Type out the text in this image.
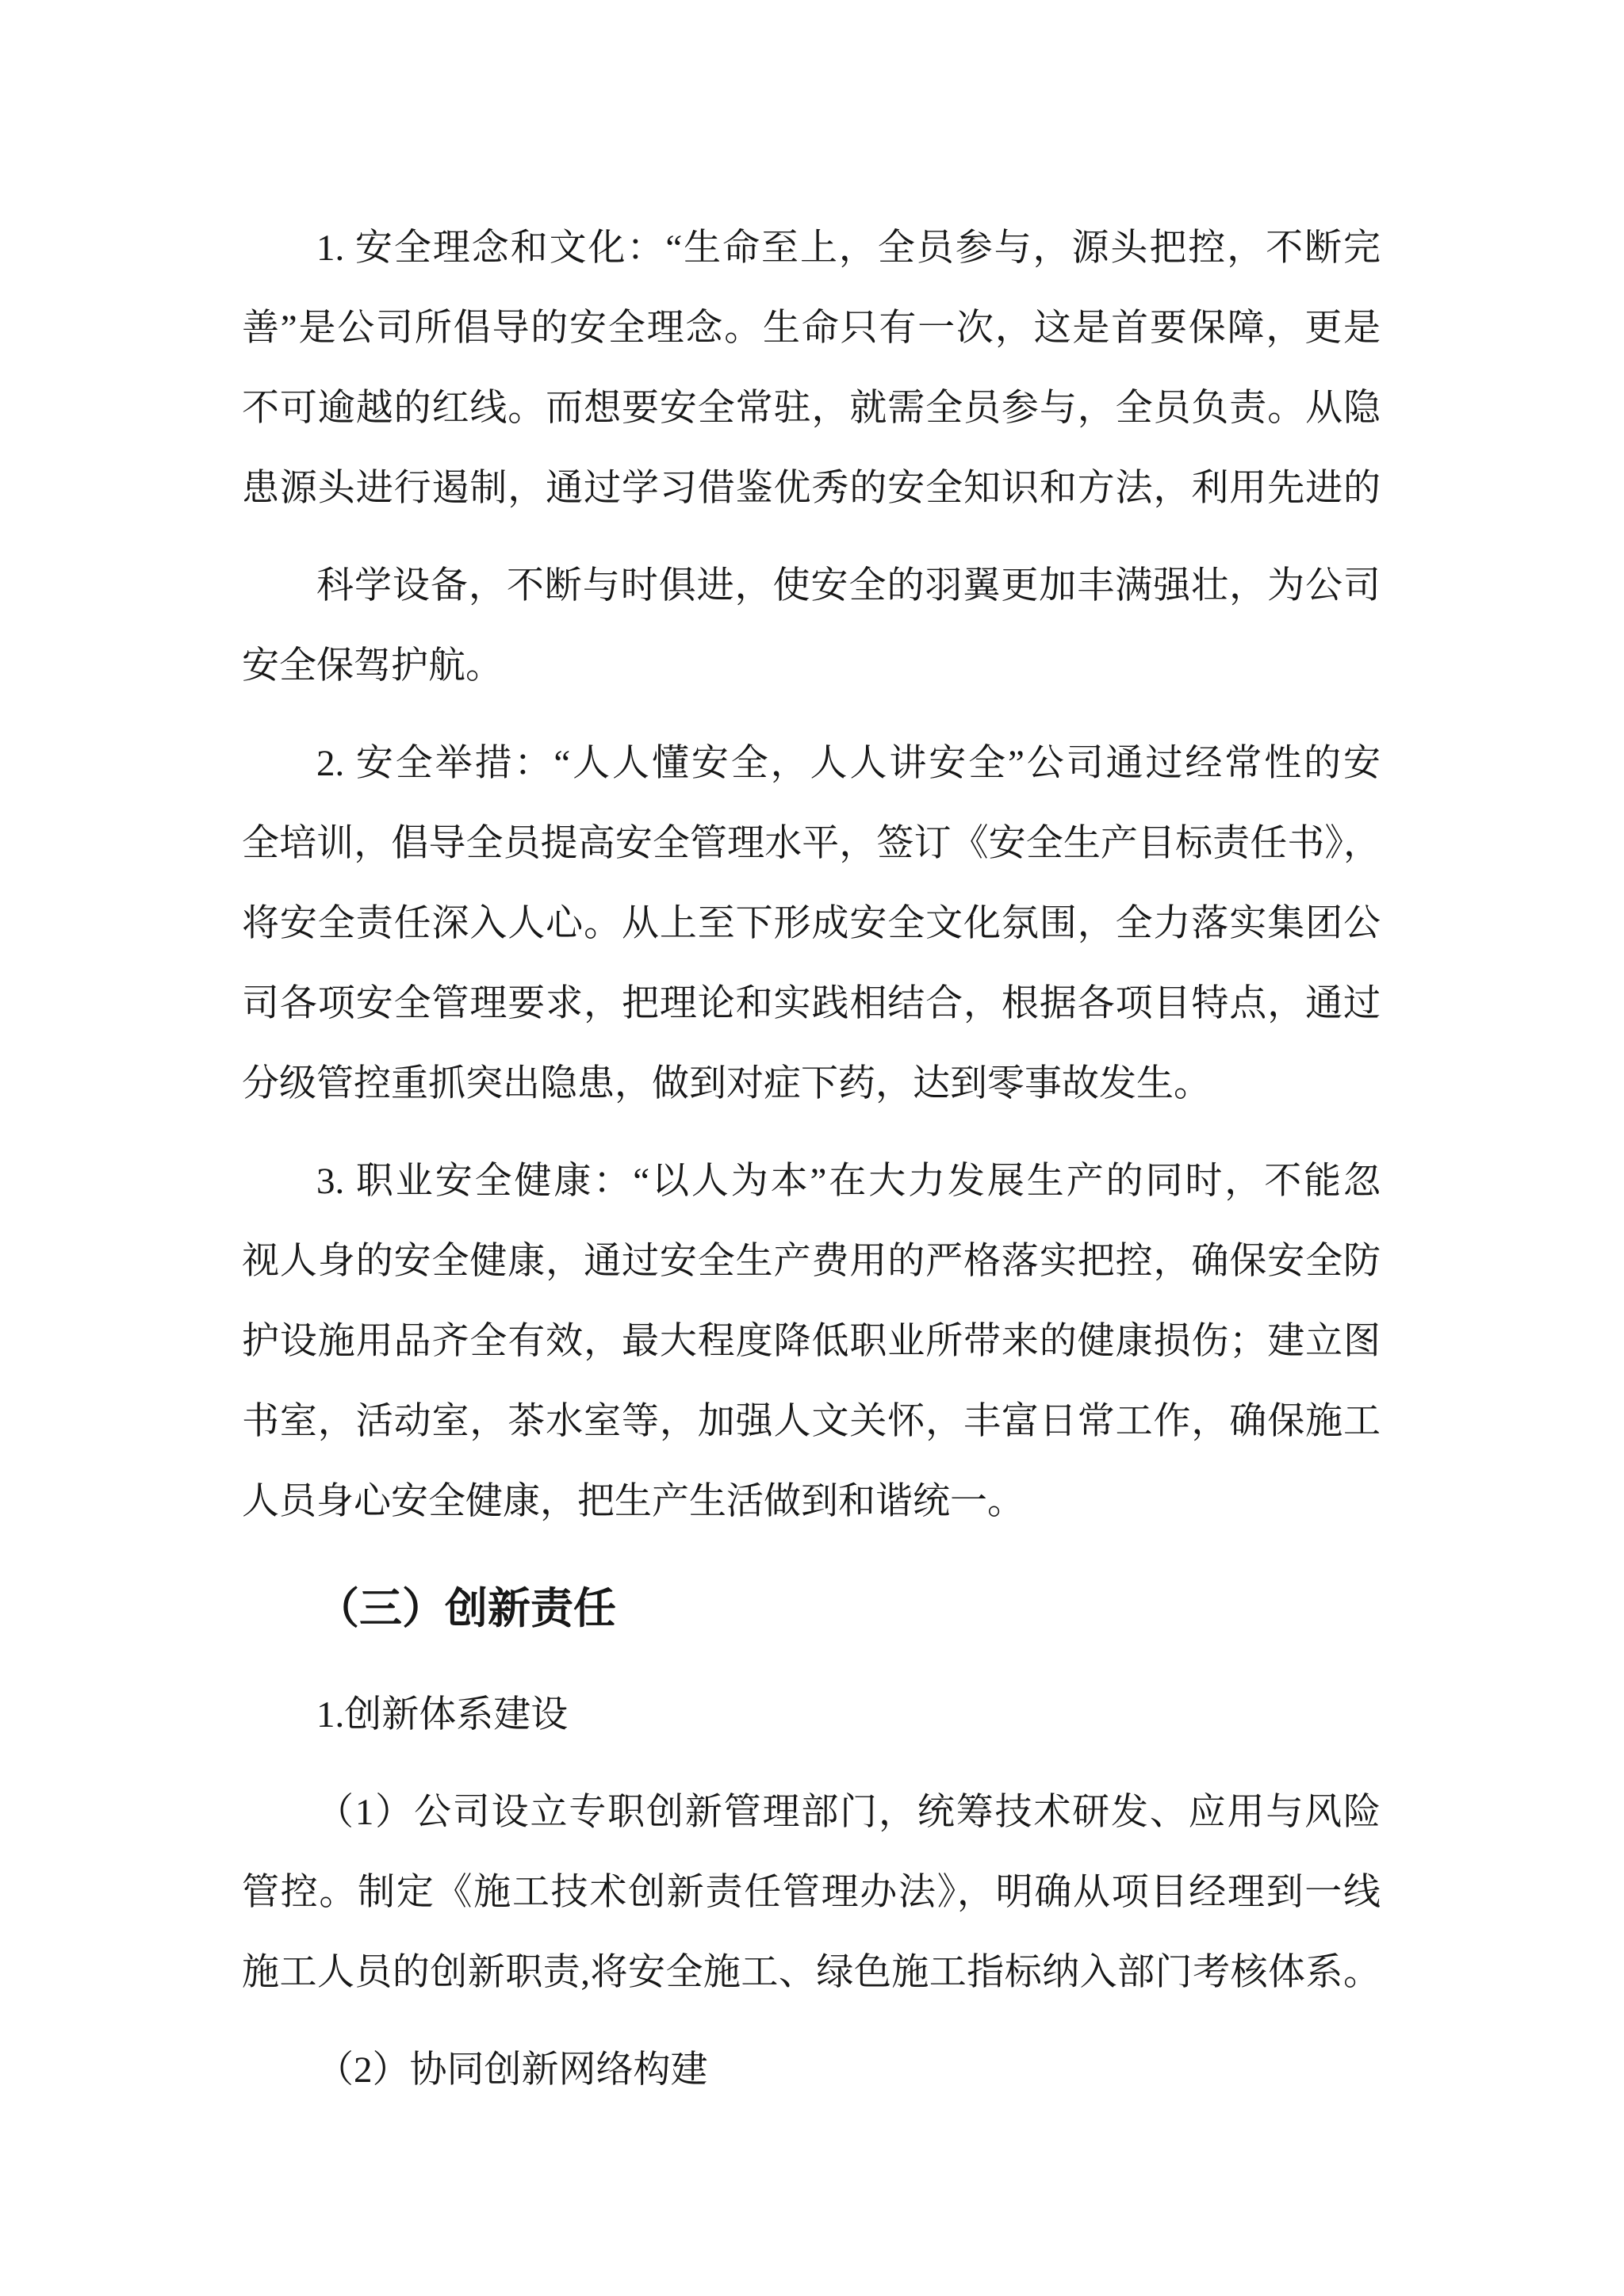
1. 安全理念和文化：“生命至上，全员参与，源头把控，不断完
善”是公司所倡导的安全理念。生命只有一次，这是首要保障，更是
不可逾越的红线。而想要安全常驻，就需全员参与，全员负责。从隐
患源头进行遏制，通过学习借鉴优秀的安全知识和方法，利用先进的
科学设备，不断与时俱进，使安全的羽翼更加丰满强壮，为公司
安全保驾护航。
2. 安全举措：“人人懂安全，人人讲安全”公司通过经常性的安
全培训，倡导全员提高安全管理水平，签订《安全生产目标责任书》，
将安全责任深入人心。从上至下形成安全文化氛围，全力落实集团公
司各项安全管理要求，把理论和实践相结合，根据各项目特点，通过
分级管控重抓突出隐患，做到对症下药，达到零事故发生。
3. 职业安全健康：“以人为本”在大力发展生产的同时，不能忽
视人身的安全健康，通过安全生产费用的严格落实把控，确保安全防
护设施用品齐全有效，最大程度降低职业所带来的健康损伤；建立图
书室，活动室，茶水室等，加强人文关怀，丰富日常工作，确保施工
人员身心安全健康，把生产生活做到和谐统一。
（三）创新责任
1.创新体系建设
（1）公司设立专职创新管理部门，统筹技术研发、应用与风险
管控。制定《施工技术创新责任管理办法》，明确从项目经理到一线
施工人员的创新职责,将安全施工、绿色施工指标纳入部门考核体系。
（2）协同创新网络构建
